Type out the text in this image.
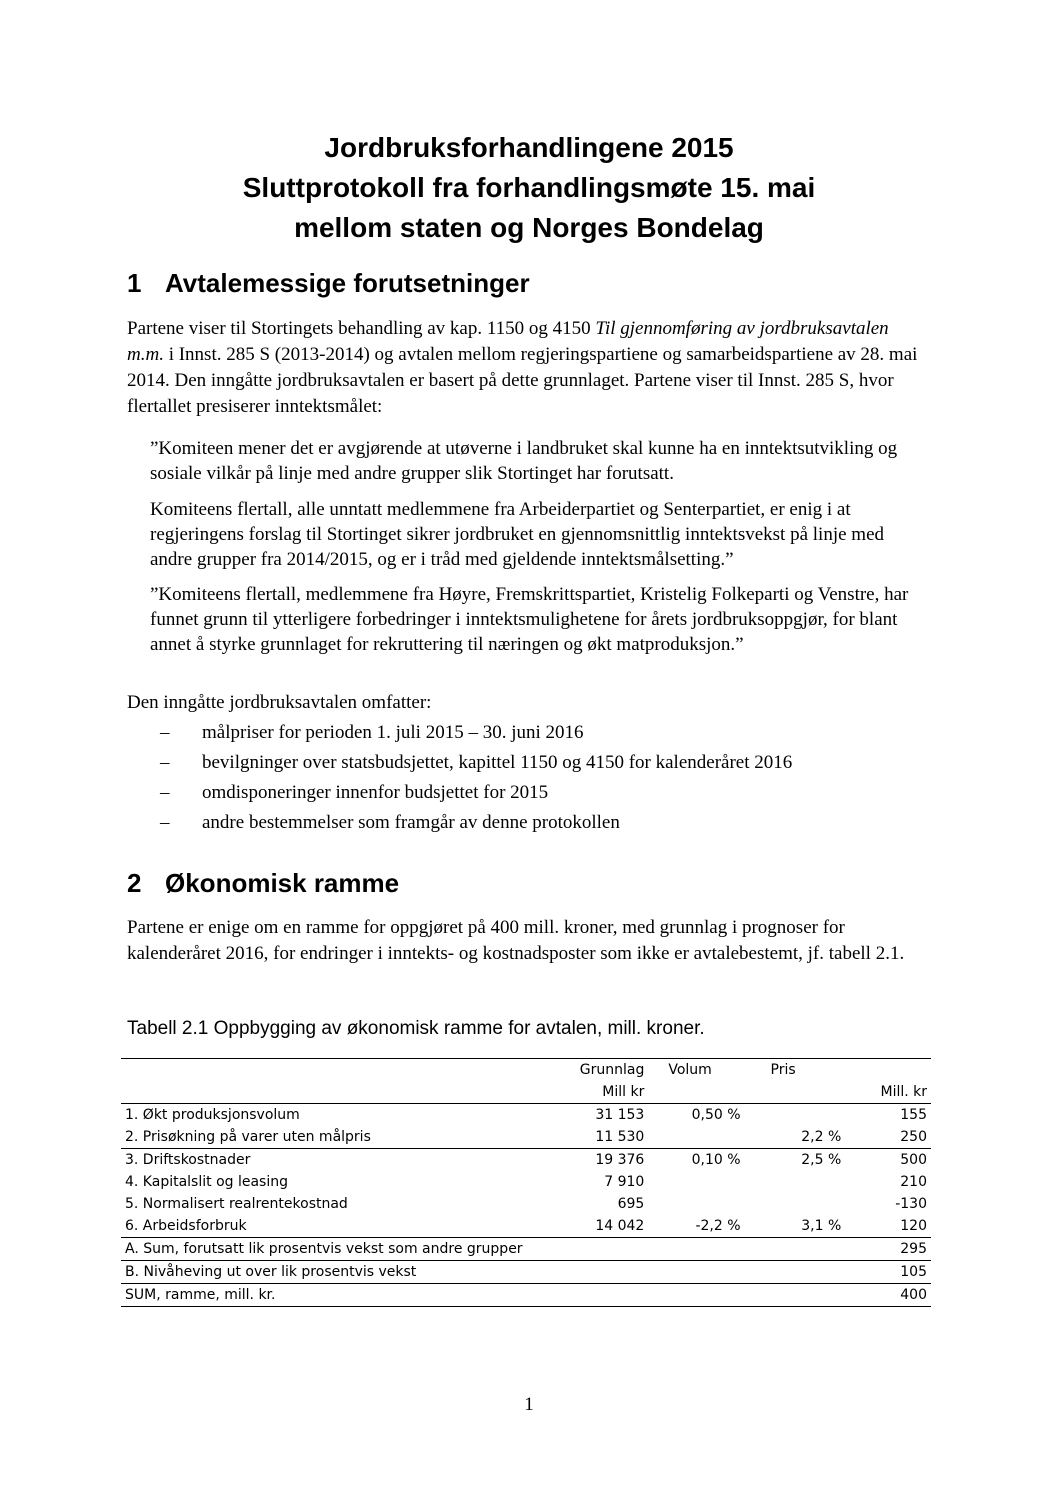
Jordbruksforhandlingene 2015
Sluttprotokoll fra forhandlingsmøte 15. mai
mellom staten og Norges Bondelag
1 Avtalemessige forutsetninger

Partene viser til Stortingets behandling av kap. 1150 og 4150 Til gjennomføring av jordbruksavtalen m.m. i Innst. 285 S (2013-2014) og avtalen mellom regjeringspartiene og samarbeidspartiene av 28. mai 2014. Den inngåtte jordbruksavtalen er basert på dette grunnlaget. Partene viser til Innst. 285 S, hvor flertallet presiserer inntektsmålet:

”Komiteen mener det er avgjørende at utøverne i landbruket skal kunne ha en inntektsutvikling og sosiale vilkår på linje med andre grupper slik Stortinget har forutsatt.

Komiteens flertall, alle unntatt medlemmene fra Arbeiderpartiet og Senterpartiet, er enig i at regjeringens forslag til Stortinget sikrer jordbruket en gjennomsnittlig inntektsvekst på linje med andre grupper fra 2014/2015, og er i tråd med gjeldende inntektsmålsetting.”

”Komiteens flertall, medlemmene fra Høyre, Fremskrittspartiet, Kristelig Folkeparti og Venstre, har funnet grunn til ytterligere forbedringer i inntektsmulighetene for årets jordbruksoppgjør, for blant annet å styrke grunnlaget for rekruttering til næringen og økt matproduksjon.”

Den inngåtte jordbruksavtalen omfatter:

– målpriser for perioden 1. juli 2015 – 30. juni 2016
– bevilgninger over statsbudsjettet, kapittel 1150 og 4150 for kalenderåret 2016
– omdisponeringer innenfor budsjettet for 2015
– andre bestemmelser som framgår av denne protokollen
2 Økonomisk ramme

Partene er enige om en ramme for oppgjøret på 400 mill. kroner, med grunnlag i prognoser for kalenderåret 2016, for endringer i inntekts- og kostnadsposter som ikke er avtalebestemt, jf. tabell 2.1.

Tabell 2.1 Oppbygging av økonomisk ramme for avtalen, mill. kroner.

	Grunnlag	Volum	Pris	
	Mill kr			Mill. kr
1. Økt produksjonsvolum	31 153	0,50 %		155
2. Prisøkning på varer uten målpris	11 530		2,2 %	250
3. Driftskostnader	19 376	0,10 %	2,5 %	500
4. Kapitalslit og leasing	7 910			210
5. Normalisert realrentekostnad	695			-130
6. Arbeidsforbruk	14 042	-2,2 %	3,1 %	120
A. Sum, forutsatt lik prosentvis vekst som andre grupper				295
B. Nivåheving ut over lik prosentvis vekst				105
SUM, ramme, mill. kr.				400

1
